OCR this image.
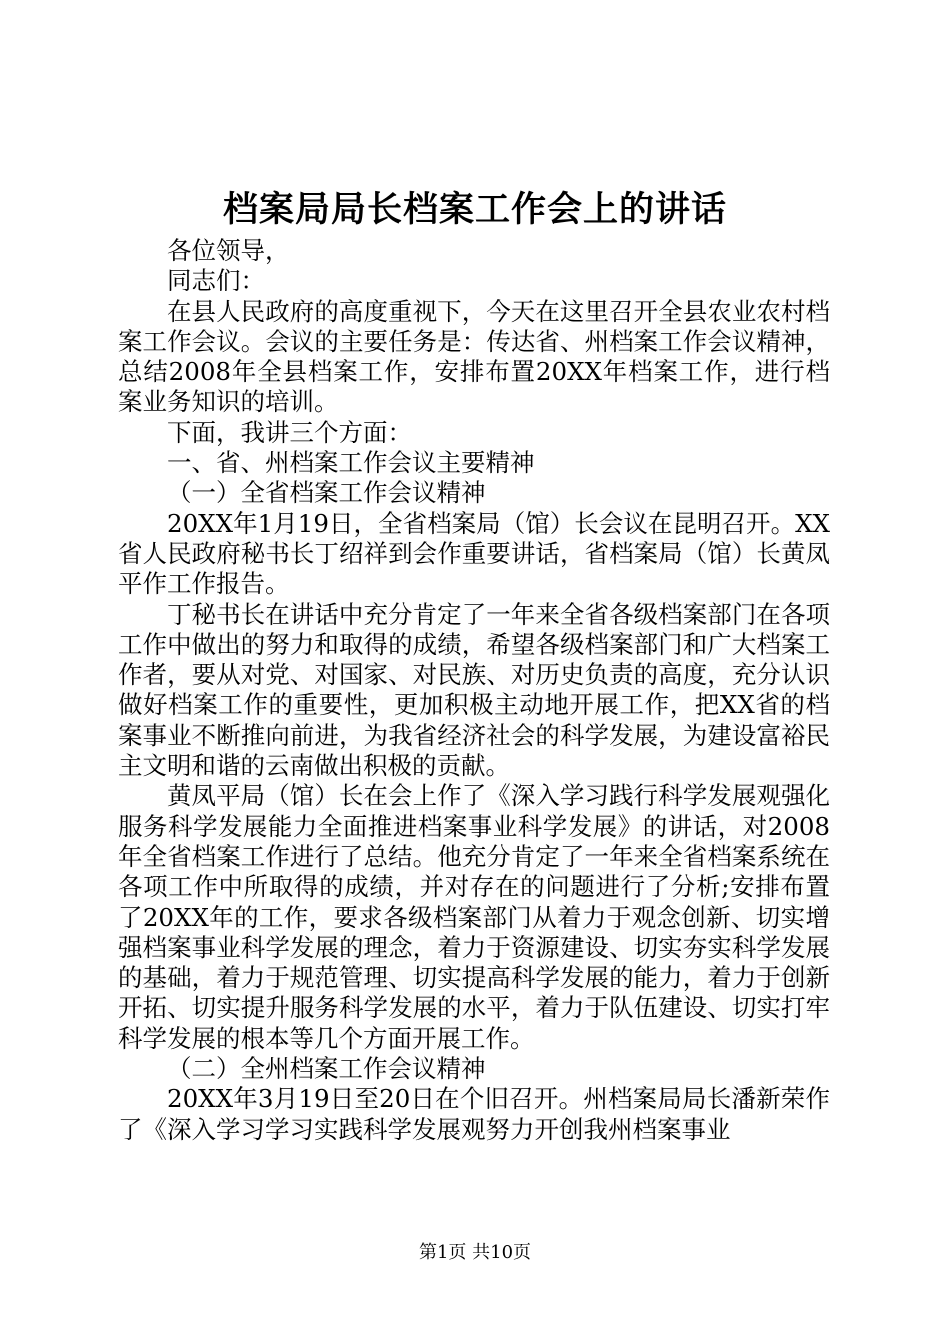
档案局局长档案工作会上的讲话

各位领导，

同志们：

在县人民政府的高度重视下，今天在这里召开全县农业农村档案工作会议。会议的主要任务是：传达省、州档案工作会议精神，总结2008年全县档案工作，安排布置20XX年档案工作，进行档案业务知识的培训。

下面，我讲三个方面：

一、省、州档案工作会议主要精神

（一）全省档案工作会议精神

20XX年1月19日，全省档案局（馆）长会议在昆明召开。XX省人民政府秘书长丁绍祥到会作重要讲话，省档案局（馆）长黄凤平作工作报告。

丁秘书长在讲话中充分肯定了一年来全省各级档案部门在各项工作中做出的努力和取得的成绩，希望各级档案部门和广大档案工作者，要从对党、对国家、对民族、对历史负责的高度，充分认识做好档案工作的重要性，更加积极主动地开展工作，把XX省的档案事业不断推向前进，为我省经济社会的科学发展，为建设富裕民主文明和谐的云南做出积极的贡献。

黄凤平局（馆）长在会上作了《深入学习践行科学发展观强化服务科学发展能力全面推进档案事业科学发展》的讲话，对2008年全省档案工作进行了总结。他充分肯定了一年来全省档案系统在各项工作中所取得的成绩，并对存在的问题进行了分析;安排布置了20XX年的工作，要求各级档案部门从着力于观念创新、切实增强档案事业科学发展的理念，着力于资源建设、切实夯实科学发展的基础，着力于规范管理、切实提高科学发展的能力，着力于创新开拓、切实提升服务科学发展的水平，着力于队伍建设、切实打牢科学发展的根本等几个方面开展工作。

（二）全州档案工作会议精神

20XX年3月19日至20日在个旧召开。州档案局局长潘新荣作了《深入学习学习实践科学发展观努力开创我州档案事业

第1页 共10页
